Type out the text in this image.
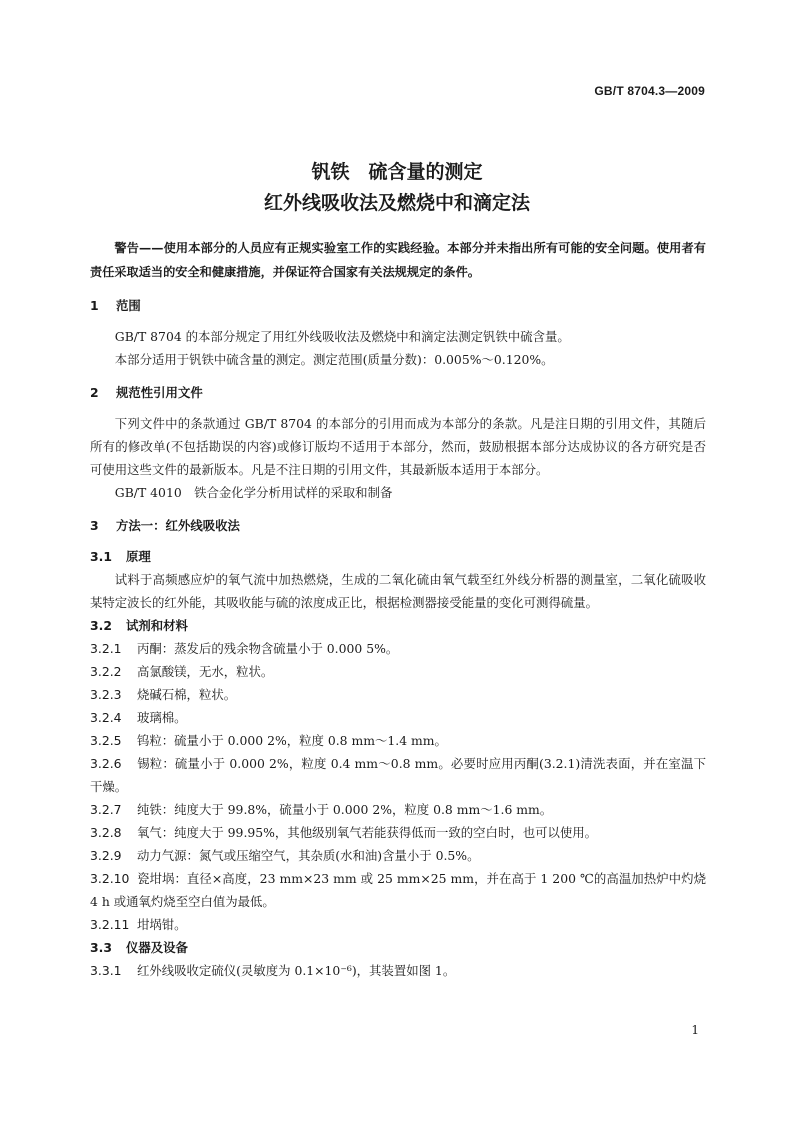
GB/T 8704.3—2009
钒铁　硫含量的测定
红外线吸收法及燃烧中和滴定法

警告——使用本部分的人员应有正规实验室工作的实践经验。本部分并未指出所有可能的安全问题。使用者有责任采取适当的安全和健康措施，并保证符合国家有关法规规定的条件。

1 范围

GB/T 8704 的本部分规定了用红外线吸收法及燃烧中和滴定法测定钒铁中硫含量。

本部分适用于钒铁中硫含量的测定。测定范围(质量分数)：0.005%～0.120%。

2 规范性引用文件

下列文件中的条款通过 GB/T 8704 的本部分的引用而成为本部分的条款。凡是注日期的引用文件，其随后所有的修改单(不包括勘误的内容)或修订版均不适用于本部分，然而，鼓励根据本部分达成协议的各方研究是否可使用这些文件的最新版本。凡是不注日期的引用文件，其最新版本适用于本部分。

GB/T 4010　铁合金化学分析用试样的采取和制备

3 方法一：红外线吸收法
3.1 原理

试料于高频感应炉的氧气流中加热燃烧，生成的二氧化硫由氧气载至红外线分析器的测量室，二氧化硫吸收某特定波长的红外能，其吸收能与硫的浓度成正比，根据检测器接受能量的变化可测得硫量。

3.2 试剂和材料

3.2.1 丙酮：蒸发后的残余物含硫量小于 0.000 5%。

3.2.2 高氯酸镁，无水，粒状。

3.2.3 烧碱石棉，粒状。

3.2.4 玻璃棉。

3.2.5 钨粒：硫量小于 0.000 2%，粒度 0.8 mm～1.4 mm。

3.2.6 锡粒：硫量小于 0.000 2%，粒度 0.4 mm～0.8 mm。必要时应用丙酮(3.2.1)清洗表面，并在室温下干燥。

3.2.7 纯铁：纯度大于 99.8%，硫量小于 0.000 2%，粒度 0.8 mm～1.6 mm。

3.2.8 氧气：纯度大于 99.95%，其他级别氧气若能获得低而一致的空白时，也可以使用。

3.2.9 动力气源：氮气或压缩空气，其杂质(水和油)含量小于 0.5%。

3.2.10 瓷坩埚：直径×高度，23 mm×23 mm 或 25 mm×25 mm，并在高于 1 200 ℃的高温加热炉中灼烧 4 h 或通氧灼烧至空白值为最低。

3.2.11 坩埚钳。

3.3 仪器及设备

3.3.1 红外线吸收定硫仪(灵敏度为 0.1×10⁻⁶)，其装置如图 1。

1
